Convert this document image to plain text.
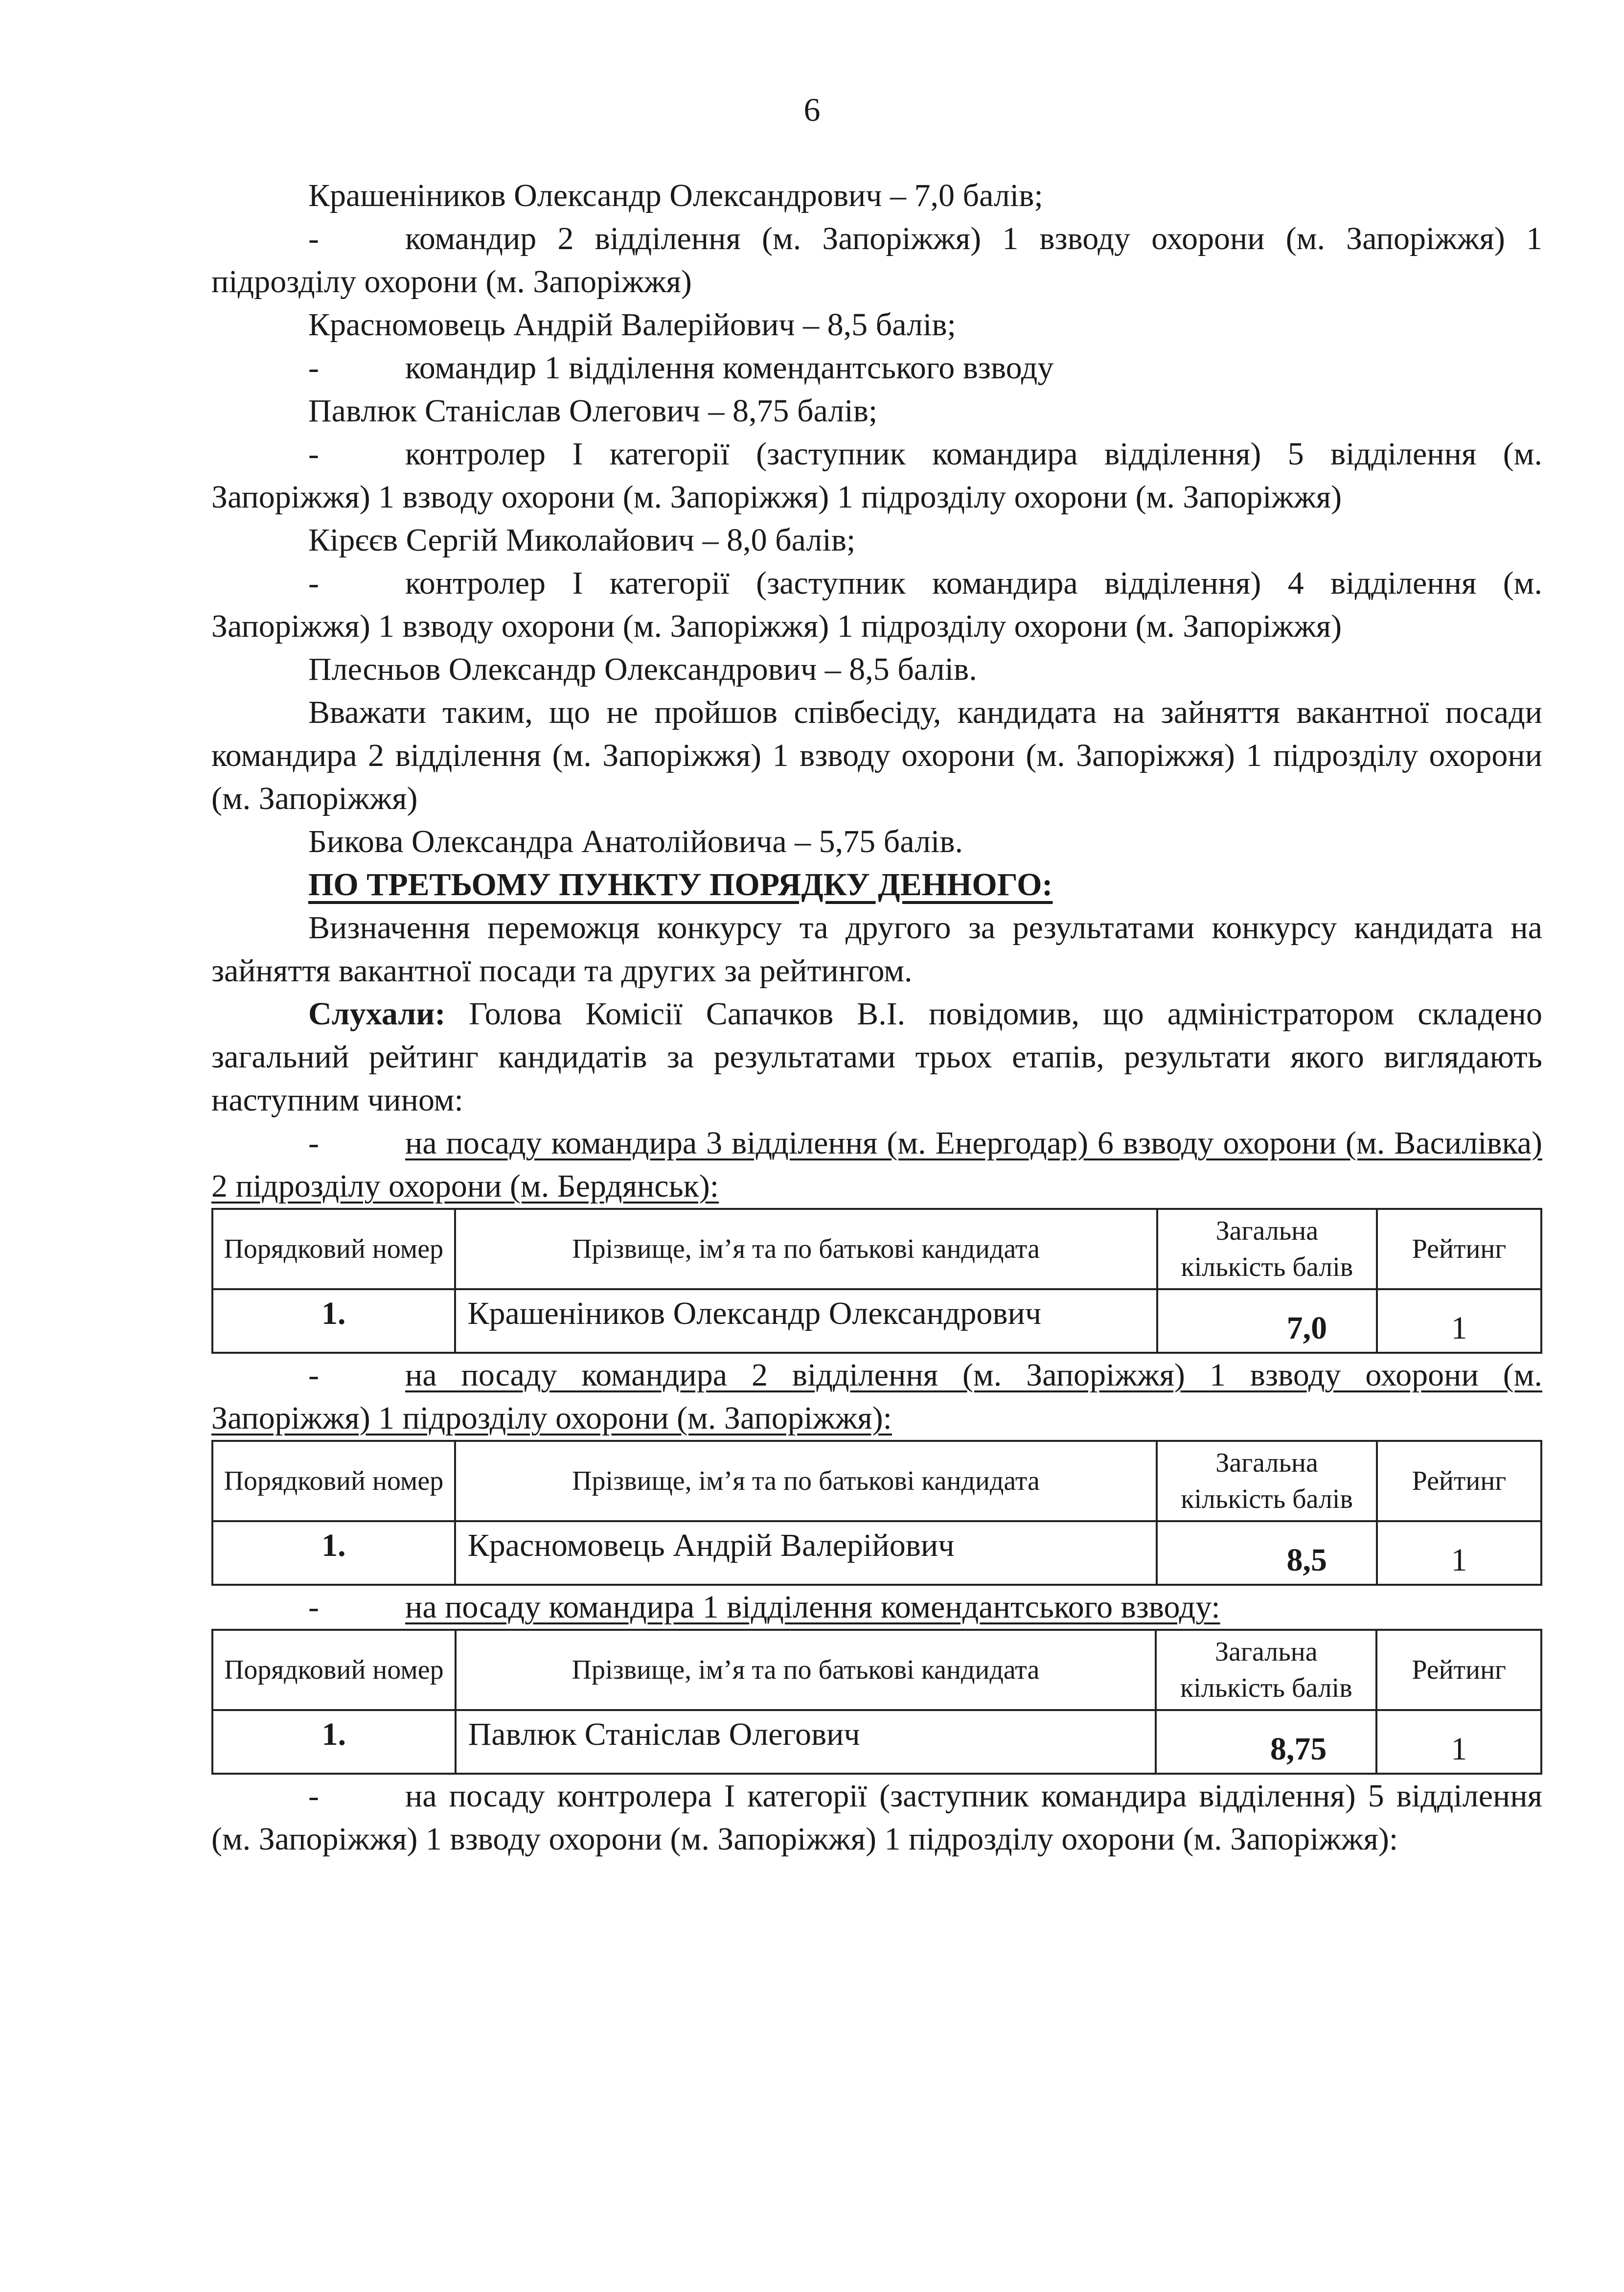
6

Крашеніников Олександр Олександрович – 7,0 балів;

-	командир 2 відділення (м. Запоріжжя) 1 взводу охорони (м. Запоріжжя) 1 підрозділу охорони (м. Запоріжжя)

Красномовець Андрій Валерійович – 8,5 балів;

-	командир 1 відділення комендантського взводу

Павлюк Станіслав Олегович – 8,75 балів;

-	контролер І категорії (заступник командира відділення) 5 відділення (м. Запоріжжя) 1 взводу охорони (м. Запоріжжя) 1 підрозділу охорони (м. Запоріжжя)

Кірєєв Сергій Миколайович – 8,0 балів;

-	контролер І категорії (заступник командира відділення) 4 відділення (м. Запоріжжя) 1 взводу охорони (м. Запоріжжя) 1 підрозділу охорони (м. Запоріжжя)

Плесньов Олександр Олександрович – 8,5 балів.

Вважати таким, що не пройшов співбесіду, кандидата на зайняття вакантної посади командира 2 відділення (м. Запоріжжя) 1 взводу охорони (м. Запоріжжя) 1 підрозділу охорони (м. Запоріжжя)

Бикова Олександра Анатолійовича – 5,75 балів.

ПО ТРЕТЬОМУ ПУНКТУ ПОРЯДКУ ДЕННОГО:

Визначення переможця конкурсу та другого за результатами конкурсу кандидата на зайняття вакантної посади та других за рейтингом.

Слухали: Голова Комісії Сапачков В.І. повідомив, що адміністратором складено загальний рейтинг кандидатів за результатами трьох етапів, результати якого виглядають наступним чином:

-	на посаду командира 3 відділення (м. Енергодар) 6 взводу охорони (м. Василівка) 2 підрозділу охорони (м. Бердянськ):

Порядковий номер	Прізвище, ім’я та по батькові кандидата	Загальна кількість балів	Рейтинг
1.	Крашеніников Олександр Олександрович	7,0	1

-	на посаду командира 2 відділення (м. Запоріжжя) 1 взводу охорони (м. Запоріжжя) 1 підрозділу охорони (м. Запоріжжя):

Порядковий номер	Прізвище, ім’я та по батькові кандидата	Загальна кількість балів	Рейтинг
1.	Красномовець Андрій Валерійович	8,5	1

-	на посаду командира 1 відділення комендантського взводу:

Порядковий номер	Прізвище, ім’я та по батькові кандидата	Загальна кількість балів	Рейтинг
1.	Павлюк Станіслав Олегович	8,75	1

-	на посаду контролера І категорії (заступник командира відділення) 5 відділення (м. Запоріжжя) 1 взводу охорони (м. Запоріжжя) 1 підрозділу охорони (м. Запоріжжя):
